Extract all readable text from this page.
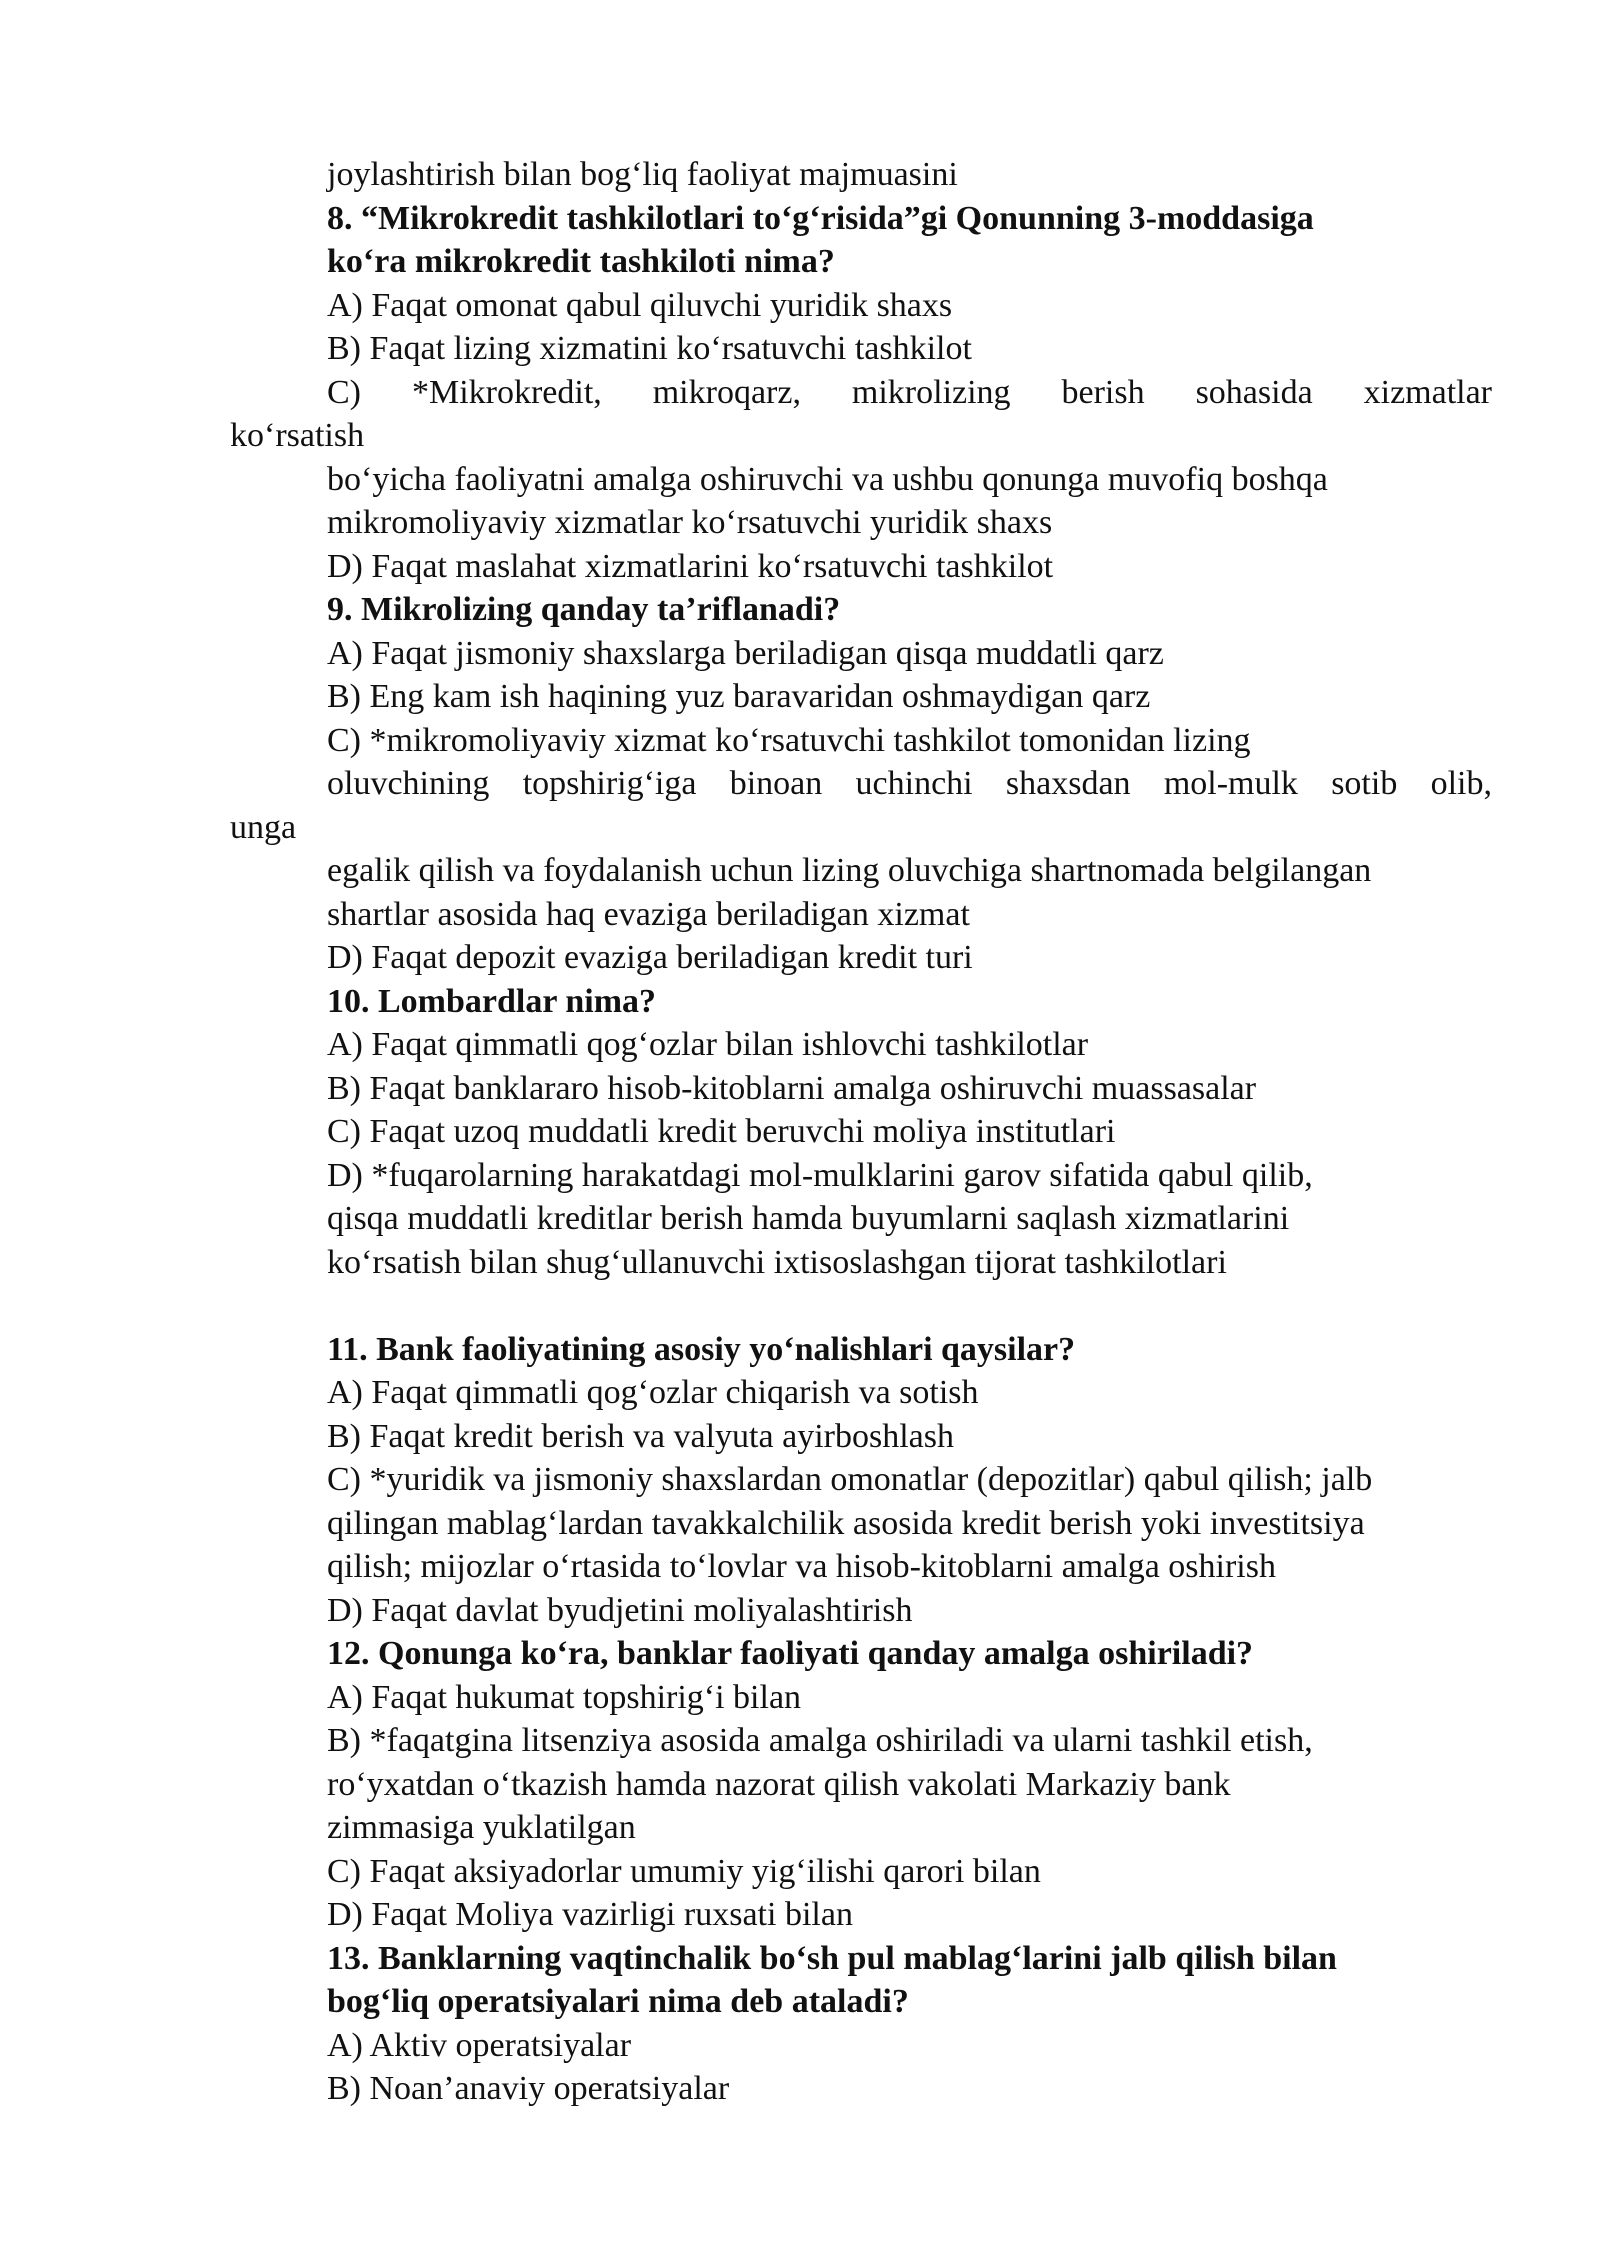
joylashtirish bilan bog‘liq faoliyat majmuasini
8. “Mikrokredit tashkilotlari to‘g‘risida”gi Qonunning 3-moddasiga
ko‘ra mikrokredit tashkiloti nima?
A) Faqat omonat qabul qiluvchi yuridik shaxs
B) Faqat lizing xizmatini ko‘rsatuvchi tashkilot
C) *Mikrokredit, mikroqarz, mikrolizing berish sohasida xizmatlar
ko‘rsatish
bo‘yicha faoliyatni amalga oshiruvchi va ushbu qonunga muvofiq boshqa
mikromoliyaviy xizmatlar ko‘rsatuvchi yuridik shaxs
D) Faqat maslahat xizmatlarini ko‘rsatuvchi tashkilot
9. Mikrolizing qanday ta’riflanadi?
A) Faqat jismoniy shaxslarga beriladigan qisqa muddatli qarz
B) Eng kam ish haqining yuz baravaridan oshmaydigan qarz
C) *mikromoliyaviy xizmat ko‘rsatuvchi tashkilot tomonidan lizing
oluvchining topshirig‘iga binoan uchinchi shaxsdan mol-mulk sotib olib,
unga
egalik qilish va foydalanish uchun lizing oluvchiga shartnomada belgilangan
shartlar asosida haq evaziga beriladigan xizmat
D) Faqat depozit evaziga beriladigan kredit turi
10. Lombardlar nima?
A) Faqat qimmatli qog‘ozlar bilan ishlovchi tashkilotlar
B) Faqat banklararo hisob-kitoblarni amalga oshiruvchi muassasalar
C) Faqat uzoq muddatli kredit beruvchi moliya institutlari
D) *fuqarolarning harakatdagi mol-mulklarini garov sifatida qabul qilib,
qisqa muddatli kreditlar berish hamda buyumlarni saqlash xizmatlarini
ko‘rsatish bilan shug‘ullanuvchi ixtisoslashgan tijorat tashkilotlari
11. Bank faoliyatining asosiy yo‘nalishlari qaysilar?
A) Faqat qimmatli qog‘ozlar chiqarish va sotish
B) Faqat kredit berish va valyuta ayirboshlash
C) *yuridik va jismoniy shaxslardan omonatlar (depozitlar) qabul qilish; jalb
qilingan mablag‘lardan tavakkalchilik asosida kredit berish yoki investitsiya
qilish; mijozlar o‘rtasida to‘lovlar va hisob-kitoblarni amalga oshirish
D) Faqat davlat byudjetini moliyalashtirish
12. Qonunga ko‘ra, banklar faoliyati qanday amalga oshiriladi?
A) Faqat hukumat topshirig‘i bilan
B) *faqatgina litsenziya asosida amalga oshiriladi va ularni tashkil etish,
ro‘yxatdan o‘tkazish hamda nazorat qilish vakolati Markaziy bank
zimmasiga yuklatilgan
C) Faqat aksiyadorlar umumiy yig‘ilishi qarori bilan
D) Faqat Moliya vazirligi ruxsati bilan
13. Banklarning vaqtinchalik bo‘sh pul mablag‘larini jalb qilish bilan
bog‘liq operatsiyalari nima deb ataladi?
A) Aktiv operatsiyalar
B) Noan’anaviy operatsiyalar
